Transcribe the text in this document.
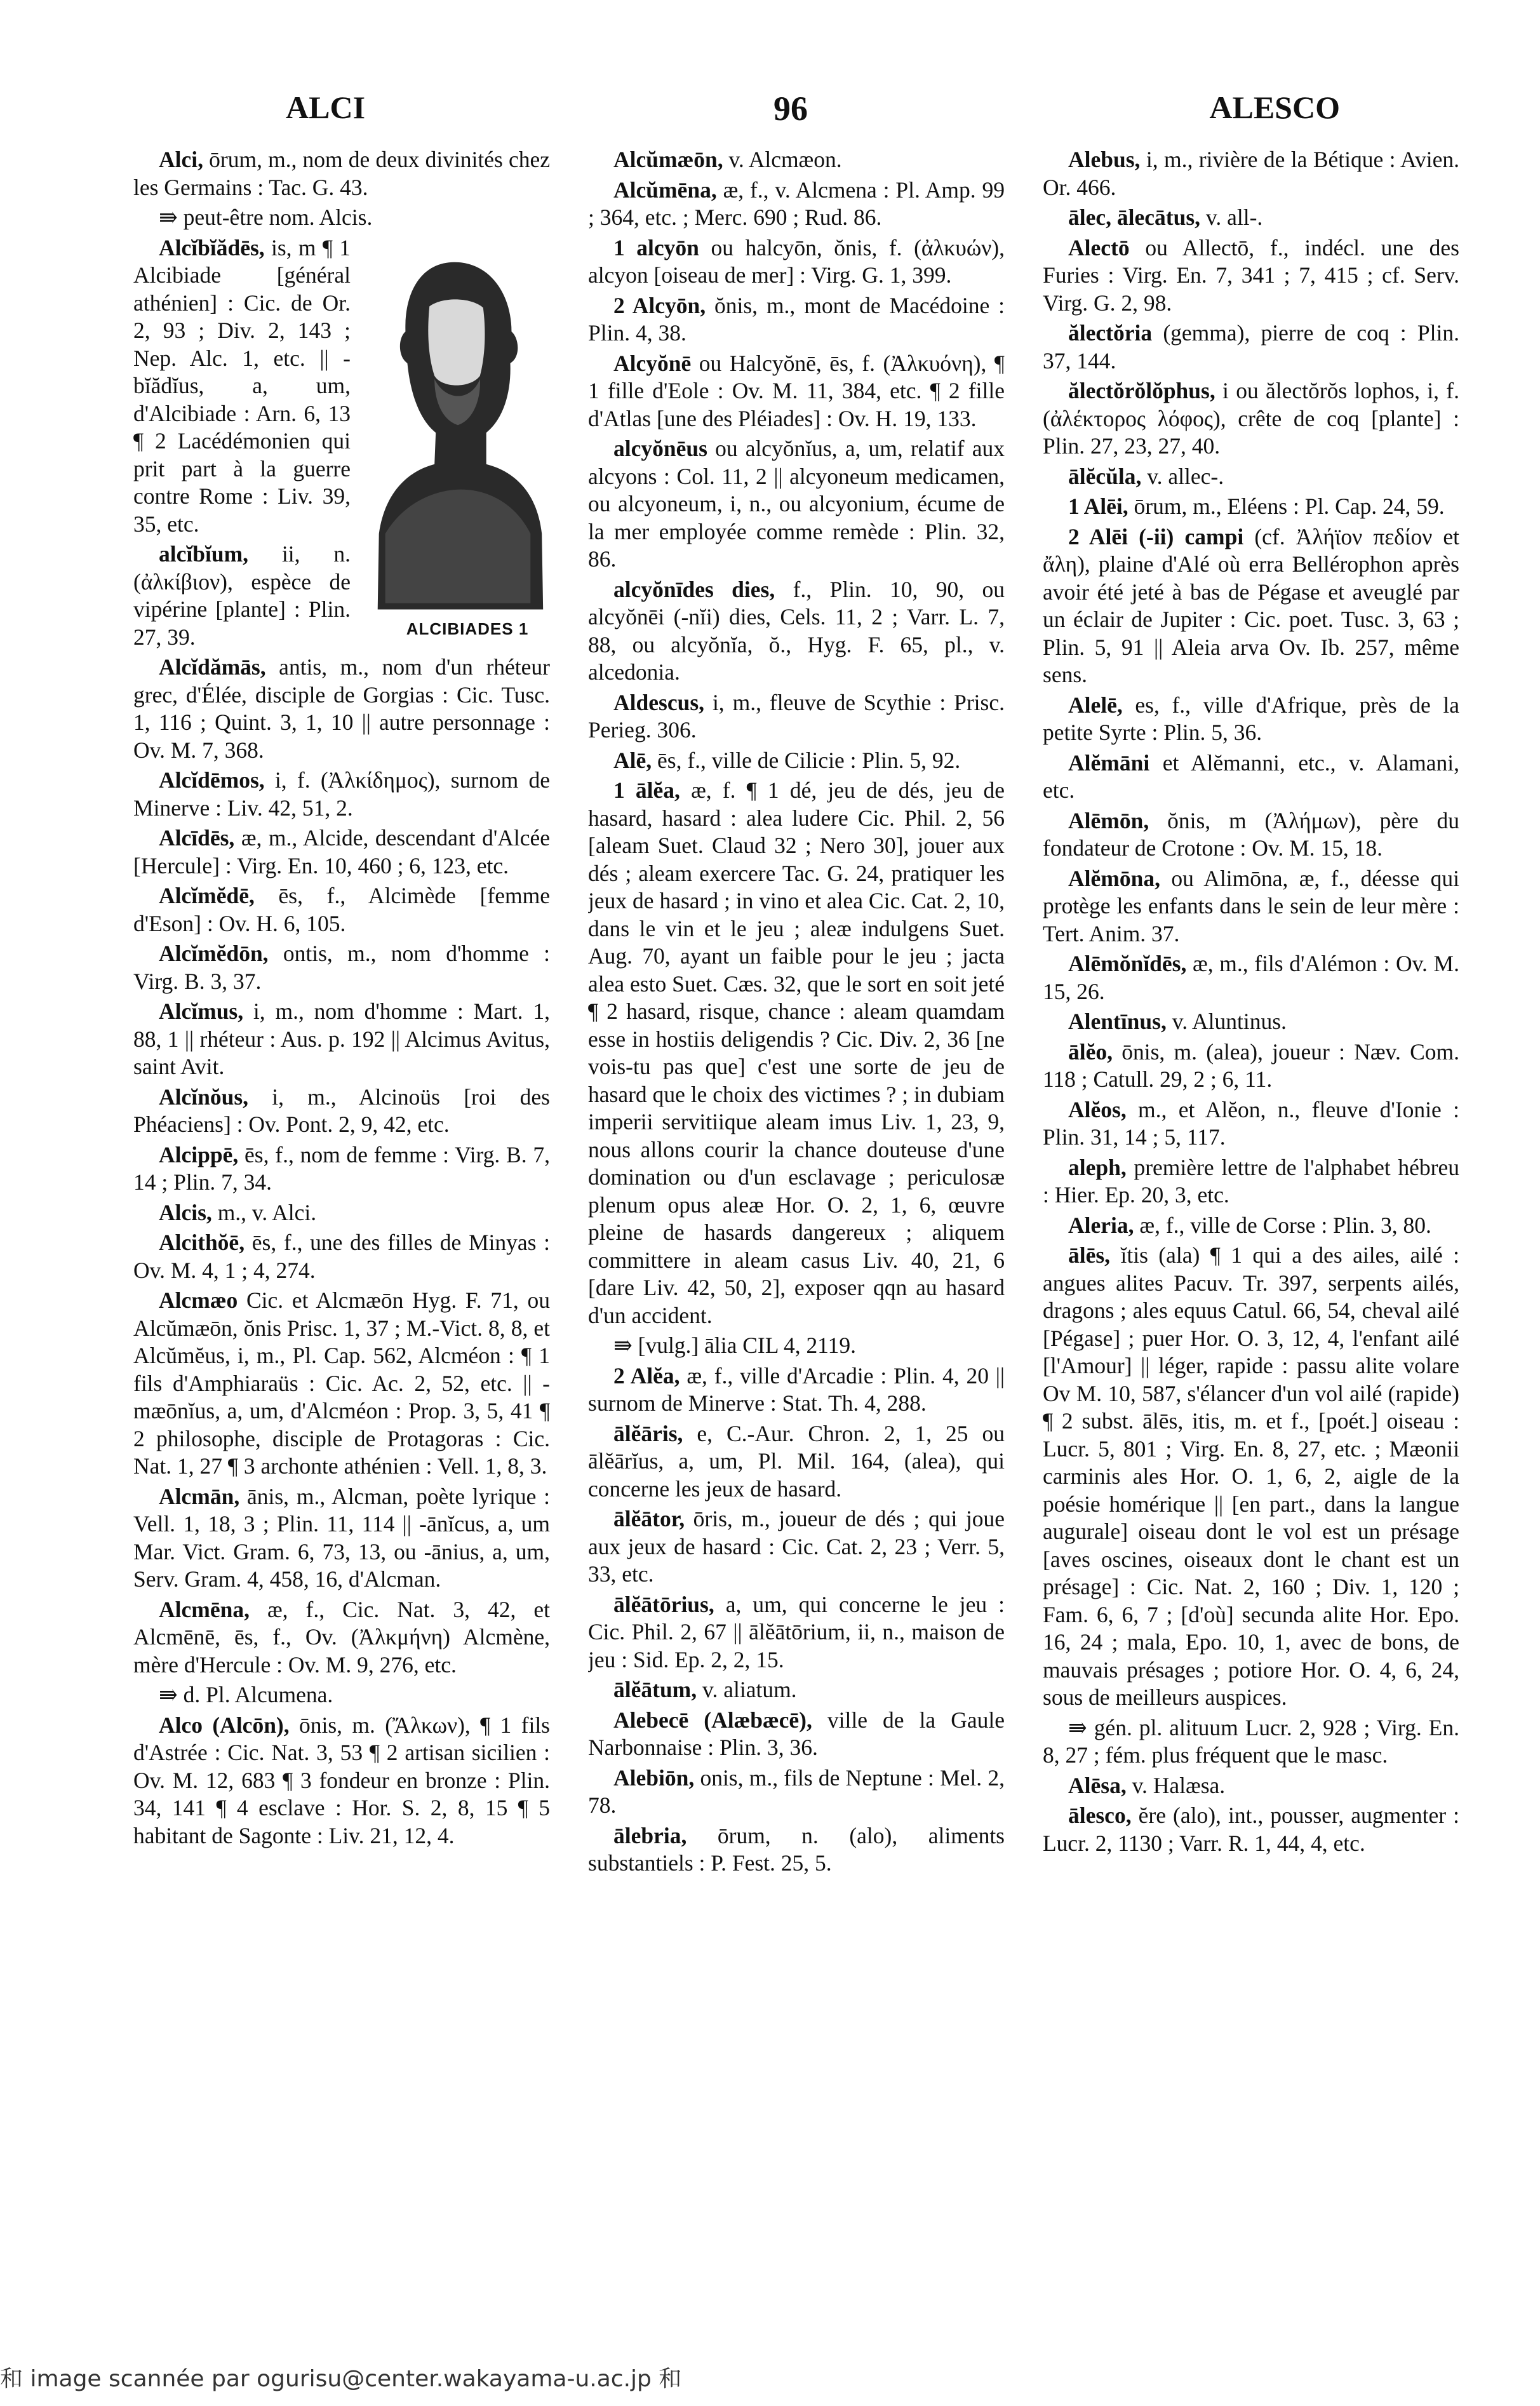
ALCI	96	ALESCO

Alci, ōrum, m., nom de deux divinités chez les Germains : Tac. G. 43.

⇛ peut-être nom. Alcis.

ALCIBIADES 1
Alcĭbĭădēs, is, m ¶ 1 Alcibiade [général athénien] : Cic. de Or. 2, 93 ; Div. 2, 143 ; Nep. Alc. 1, etc. || -bĭădĭus, a, um, d'Alcibiade : Arn. 6, 13 ¶ 2 Lacédémonien qui prit part à la guerre contre Rome : Liv. 39, 35, etc.

alcĭbĭum, ii, n. (ἀλκίβιον), espèce de vipérine [plante] : Plin. 27, 39.

Alcĭdămās, antis, m., nom d'un rhéteur grec, d'Élée, disciple de Gorgias : Cic. Tusc. 1, 116 ; Quint. 3, 1, 10 || autre personnage : Ov. M. 7, 368.

Alcĭdēmos, i, f. (Ἀλκίδημος), surnom de Minerve : Liv. 42, 51, 2.

Alcīdēs, æ, m., Alcide, descendant d'Alcée [Hercule] : Virg. En. 10, 460 ; 6, 123, etc.

Alcĭmĕdē, ēs, f., Alcimède [femme d'Eson] : Ov. H. 6, 105.

Alcĭmĕdōn, ontis, m., nom d'homme : Virg. B. 3, 37.

Alcĭmus, i, m., nom d'homme : Mart. 1, 88, 1 || rhéteur : Aus. p. 192 || Alcimus Avitus, saint Avit.

Alcĭnŏus, i, m., Alcinoüs [roi des Phéaciens] : Ov. Pont. 2, 9, 42, etc.

Alcippē, ēs, f., nom de femme : Virg. B. 7, 14 ; Plin. 7, 34.

Alcis, m., v. Alci.

Alcithŏē, ēs, f., une des filles de Minyas : Ov. M. 4, 1 ; 4, 274.

Alcmæo Cic. et Alcmæōn Hyg. F. 71, ou Alcŭmæōn, ŏnis Prisc. 1, 37 ; M.-Vict. 8, 8, et Alcŭmĕus, i, m., Pl. Cap. 562, Alcméon : ¶ 1 fils d'Amphiaraüs : Cic. Ac. 2, 52, etc. || -mæōnĭus, a, um, d'Alcméon : Prop. 3, 5, 41 ¶ 2 philosophe, disciple de Protagoras : Cic. Nat. 1, 27 ¶ 3 archonte athénien : Vell. 1, 8, 3.

Alcmān, ānis, m., Alcman, poète lyrique : Vell. 1, 18, 3 ; Plin. 11, 114 || -ānĭcus, a, um Mar. Vict. Gram. 6, 73, 13, ou -ānius, a, um, Serv. Gram. 4, 458, 16, d'Alcman.

Alcmēna, æ, f., Cic. Nat. 3, 42, et Alcmēnē, ēs, f., Ov. (Ἀλκμήνη) Alcmène, mère d'Hercule : Ov. M. 9, 276, etc.

⇛ d. Pl. Alcumena.

Alco (Alcōn), ōnis, m. (Ἄλκων), ¶ 1 fils d'Astrée : Cic. Nat. 3, 53 ¶ 2 artisan sicilien : Ov. M. 12, 683 ¶ 3 fondeur en bronze : Plin. 34, 141 ¶ 4 esclave : Hor. S. 2, 8, 15 ¶ 5 habitant de Sagonte : Liv. 21, 12, 4.

Alcŭmæōn, v. Alcmæon.

Alcŭmēna, æ, f., v. Alcmena : Pl. Amp. 99 ; 364, etc. ; Merc. 690 ; Rud. 86.

1 alcyōn ou halcyōn, ŏnis, f. (ἀλκυών), alcyon [oiseau de mer] : Virg. G. 1, 399.

2 Alcyōn, ŏnis, m., mont de Macédoine : Plin. 4, 38.

Alcyŏnē ou Halcyŏnē, ēs, f. (Ἀλκυόνη), ¶ 1 fille d'Eole : Ov. M. 11, 384, etc. ¶ 2 fille d'Atlas [une des Pléiades] : Ov. H. 19, 133.

alcyŏnēus ou alcyŏnĭus, a, um, relatif aux alcyons : Col. 11, 2 || alcyoneum medicamen, ou alcyoneum, i, n., ou alcyonium, écume de la mer employée comme remède : Plin. 32, 86.

alcyŏnīdes dies, f., Plin. 10, 90, ou alcyŏnēi (-nĭi) dies, Cels. 11, 2 ; Varr. L. 7, 88, ou alcyŏnĭa, ŏ., Hyg. F. 65, pl., v. alcedonia.

Aldescus, i, m., fleuve de Scythie : Prisc. Perieg. 306.

Alē, ēs, f., ville de Cilicie : Plin. 5, 92.

1 ālĕa, æ, f. ¶ 1 dé, jeu de dés, jeu de hasard, hasard : alea ludere Cic. Phil. 2, 56 [aleam Suet. Claud 32 ; Nero 30], jouer aux dés ; aleam exercere Tac. G. 24, pratiquer les jeux de hasard ; in vino et alea Cic. Cat. 2, 10, dans le vin et le jeu ; aleæ indulgens Suet. Aug. 70, ayant un faible pour le jeu ; jacta alea esto Suet. Cæs. 32, que le sort en soit jeté ¶ 2 hasard, risque, chance : aleam quamdam esse in hostiis deligendis ? Cic. Div. 2, 36 [ne vois-tu pas que] c'est une sorte de jeu de hasard que le choix des victimes ? ; in dubiam imperii servitiique aleam imus Liv. 1, 23, 9, nous allons courir la chance douteuse d'une domination ou d'un esclavage ; periculosæ plenum opus aleæ Hor. O. 2, 1, 6, œuvre pleine de hasards dangereux ; aliquem committere in aleam casus Liv. 40, 21, 6 [dare Liv. 42, 50, 2], exposer qqn au hasard d'un accident.

⇛ [vulg.] ālia CIL 4, 2119.

2 Alĕa, æ, f., ville d'Arcadie : Plin. 4, 20 || surnom de Minerve : Stat. Th. 4, 288.

ālĕāris, e, C.-Aur. Chron. 2, 1, 25 ou ālĕārĭus, a, um, Pl. Mil. 164, (alea), qui concerne les jeux de hasard.

ālĕātor, ōris, m., joueur de dés ; qui joue aux jeux de hasard : Cic. Cat. 2, 23 ; Verr. 5, 33, etc.

ālĕātōrius, a, um, qui concerne le jeu : Cic. Phil. 2, 67 || ālĕātōrium, ii, n., maison de jeu : Sid. Ep. 2, 2, 15.

ālĕātum, v. aliatum.

Alebecē (Alæbæcē), ville de la Gaule Narbonnaise : Plin. 3, 36.

Alebiōn, onis, m., fils de Neptune : Mel. 2, 78.

ālebria, ōrum, n. (alo), aliments substantiels : P. Fest. 25, 5.

Alebus, i, m., rivière de la Bétique : Avien. Or. 466.

ālec, ālecātus, v. all-.

Alectō ou Allectō, f., indécl. une des Furies : Virg. En. 7, 341 ; 7, 415 ; cf. Serv. Virg. G. 2, 98.

ălectŏria (gemma), pierre de coq : Plin. 37, 144.

ălectŏrŏlŏphus, i ou ălectŏrŏs lophos, i, f. (ἀλέκτορος λόφος), crête de coq [plante] : Plin. 27, 23, 27, 40.

ālĕcŭla, v. allec-.

1 Alēi, ōrum, m., Eléens : Pl. Cap. 24, 59.

2 Alēi (-ii) campi (cf. Ἀλήϊον πεδίον et ἄλη), plaine d'Alé où erra Bellérophon après avoir été jeté à bas de Pégase et aveuglé par un éclair de Jupiter : Cic. poet. Tusc. 3, 63 ; Plin. 5, 91 || Aleia arva Ov. Ib. 257, même sens.

Alelē, es, f., ville d'Afrique, près de la petite Syrte : Plin. 5, 36.

Alĕmāni et Alĕmanni, etc., v. Alamani, etc.

Alēmōn, ŏnis, m (Ἀλήμων), père du fondateur de Crotone : Ov. M. 15, 18.

Alĕmōna, ou Alimōna, æ, f., déesse qui protège les enfants dans le sein de leur mère : Tert. Anim. 37.

Alēmŏnĭdēs, æ, m., fils d'Alémon : Ov. M. 15, 26.

Alentīnus, v. Aluntinus.

ālĕo, ōnis, m. (alea), joueur : Næv. Com. 118 ; Catull. 29, 2 ; 6, 11.

Alĕos, m., et Alĕon, n., fleuve d'Ionie : Plin. 31, 14 ; 5, 117.

aleph, première lettre de l'alphabet hébreu : Hier. Ep. 20, 3, etc.

Aleria, æ, f., ville de Corse : Plin. 3, 80.

ālēs, ĭtis (ala) ¶ 1 qui a des ailes, ailé : angues alites Pacuv. Tr. 397, serpents ailés, dragons ; ales equus Catul. 66, 54, cheval ailé [Pégase] ; puer Hor. O. 3, 12, 4, l'enfant ailé [l'Amour] || léger, rapide : passu alite volare Ov M. 10, 587, s'élancer d'un vol ailé (rapide) ¶ 2 subst. ālēs, itis, m. et f., [poét.] oiseau : Lucr. 5, 801 ; Virg. En. 8, 27, etc. ; Mæonii carminis ales Hor. O. 1, 6, 2, aigle de la poésie homérique || [en part., dans la langue augurale] oiseau dont le vol est un présage [aves oscines, oiseaux dont le chant est un présage] : Cic. Nat. 2, 160 ; Div. 1, 120 ; Fam. 6, 6, 7 ; [d'où] secunda alite Hor. Epo. 16, 24 ; mala, Epo. 10, 1, avec de bons, de mauvais présages ; potiore Hor. O. 4, 6, 24, sous de meilleurs auspices.

⇛ gén. pl. alituum Lucr. 2, 928 ; Virg. En. 8, 27 ; fém. plus fréquent que le masc.

Alēsa, v. Halæsa.

ālesco, ĕre (alo), int., pousser, augmenter : Lucr. 2, 1130 ; Varr. R. 1, 44, 4, etc.

和 image scannée par ogurisu@center.wakayama-u.ac.jp 和
